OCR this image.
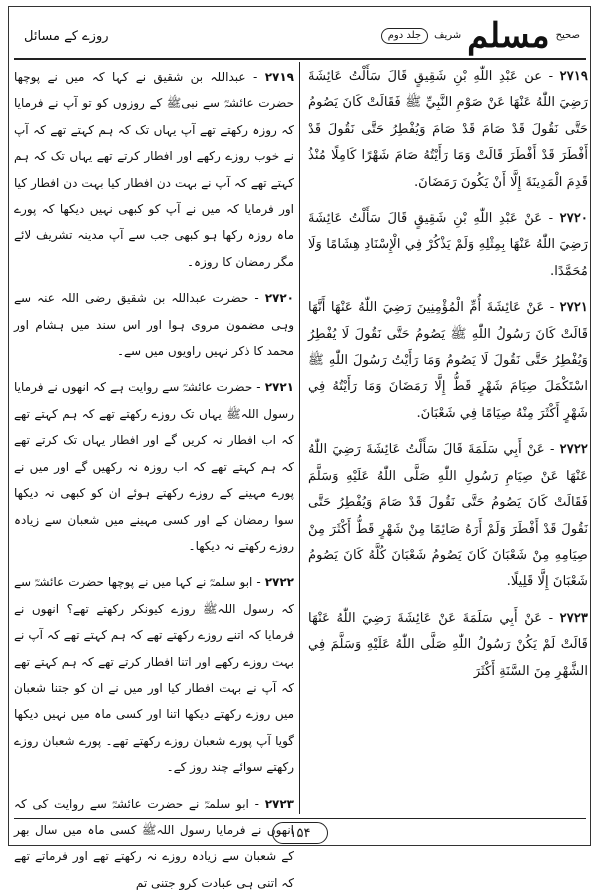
روزے کے مسائل	صحيح
مسلم
شريف
جلد دوم
٢٧١٩ - عن عَبْدِ اللّٰهِ بْنِ شَقِيقٍ قَالَ سَأَلْتُ عَائِشَةَ رَضِيَ اللّٰهُ عَنْهَا عَنْ صَوْمِ النَّبِيِّ ﷺ فَقَالَتْ كَانَ يَصُومُ حَتَّى نَقُولَ قَدْ صَامَ قَدْ صَامَ وَيُفْطِرُ حَتَّى نَقُولَ قَدْ أَفْطَرَ قَدْ أَفْطَرَ قَالَتْ وَمَا رَأَيْتُهُ صَامَ شَهْرًا كَامِلًا مُنْذُ قَدِمَ الْمَدِينَةَ إِلَّا أَنْ يَكُونَ رَمَضَانَ.
٢٧٢٠ - عَنْ عَبْدِ اللّٰهِ بْنِ شَقِيقٍ قَالَ سَأَلْتُ عَائِشَةَ رَضِيَ اللّٰهُ عَنْهَا بِمِثْلِهِ وَلَمْ يَذْكُرْ فِي الْإِسْنَادِ هِشَامًا وَلَا مُحَمَّدًا.
٢٧٢١ - عَنْ عَائِشَةَ أُمِّ الْمُؤْمِنِينَ رَضِيَ اللّٰهُ عَنْهَا أَنَّهَا قَالَتْ كَانَ رَسُولُ اللّٰهِ ﷺ يَصُومُ حَتَّى نَقُولَ لَا يُفْطِرُ وَيُفْطِرُ حَتَّى نَقُولَ لَا يَصُومُ وَمَا رَأَيْتُ رَسُولَ اللّٰهِ ﷺ اسْتَكْمَلَ صِيَامَ شَهْرٍ قَطُّ إِلَّا رَمَضَانَ وَمَا رَأَيْتُهُ فِي شَهْرٍ أَكْثَرَ مِنْهُ صِيَامًا فِي شَعْبَانَ.
٢٧٢٢ - عَنْ أَبِي سَلَمَةَ قَالَ سَأَلْتُ عَائِشَةَ رَضِيَ اللّٰهُ عَنْهَا عَنْ صِيَامِ رَسُولِ اللّٰهِ صَلَّى اللّٰهُ عَلَيْهِ وَسَلَّمَ فَقَالَتْ كَانَ يَصُومُ حَتَّى نَقُولَ قَدْ صَامَ وَيُفْطِرُ حَتَّى نَقُولَ قَدْ أَفْطَرَ وَلَمْ أَرَهُ صَائِمًا مِنْ شَهْرٍ قَطُّ أَكْثَرَ مِنْ صِيَامِهِ مِنْ شَعْبَانَ كَانَ يَصُومُ شَعْبَانَ كُلَّهُ كَانَ يَصُومُ شَعْبَانَ إِلَّا قَلِيلًا.
٢٧٢٣ - عَنْ أَبِي سَلَمَةَ عَنْ عَائِشَةَ رَضِيَ اللّٰهُ عَنْهَا قَالَتْ لَمْ يَكُنْ رَسُولُ اللّٰهِ صَلَّى اللّٰهُ عَلَيْهِ وَسَلَّمَ فِي الشَّهْرِ مِنَ السَّنَةِ أَكْثَرَ
۲۷۱۹ - عبداللہ بن شقیق نے کہا کہ میں نے پوچھا حضرت عائشہؓ سے نبیﷺ کے روزوں کو تو آپ نے فرمایا کہ روزہ رکھتے تھے آپ یہاں تک کہ ہم کہتے تھے کہ آپ نے خوب روزے رکھے اور افطار کرتے تھے یہاں تک کہ ہم کہتے تھے کہ آپ نے بہت دن افطار کیا بہت دن افطار کیا اور فرمایا کہ میں نے آپ کو کبھی نہیں دیکھا کہ پورے ماہ روزہ رکھا ہو کبھی جب سے آپ مدینہ تشریف لائے مگر رمضان کا روزہ۔
۲۷۲۰ - حضرت عبداللہ بن شقیق رضی اللہ عنہ سے وہی مضمون مروی ہوا اور اس سند میں ہشام اور محمد کا ذکر نہیں راویوں میں سے۔
۲۷۲۱ - حضرت عائشہؓ سے روایت ہے کہ انھوں نے فرمایا رسول اللہﷺ یہاں تک روزے رکھتے تھے کہ ہم کہتے تھے کہ اب افطار نہ کریں گے اور افطار یہاں تک کرتے تھے کہ ہم کہتے تھے کہ اب روزہ نہ رکھیں گے اور میں نے پورے مہینے کے روزے رکھتے ہوئے ان کو کبھی نہ دیکھا سوا رمضان کے اور کسی مہینے میں شعبان سے زیادہ روزے رکھتے نہ دیکھا۔
۲۷۲۲ - ابو سلمہؓ نے کہا میں نے پوچھا حضرت عائشہؓ سے کہ رسول اللہﷺ روزے کیونکر رکھتے تھے؟ انھوں نے فرمایا کہ اتنے روزے رکھتے تھے کہ ہم کہتے تھے کہ آپ نے بہت روزے رکھے اور اتنا افطار کرتے تھے کہ ہم کہتے تھے کہ آپ نے بہت افطار کیا اور میں نے ان کو جتنا شعبان میں روزے رکھتے دیکھا اتنا اور کسی ماہ میں نہیں دیکھا گویا آپ پورے شعبان روزے رکھتے تھے۔ پورے شعبان روزے رکھتے سوائے چند روز کے۔
۲۷۲۳ - ابو سلمہؓ نے حضرت عائشہؓ سے روایت کی کہ انھوں نے فرمایا رسول اللہﷺ کسی ماہ میں سال بھر کے شعبان سے زیادہ روزے نہ رکھتے تھے اور فرماتے تھے کہ اتنی ہی عبادت کرو جتنی تم
۱۵۴
